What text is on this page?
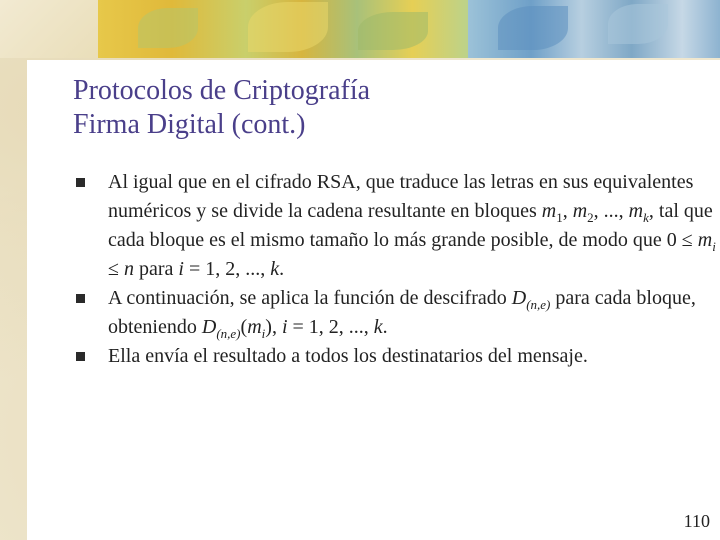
Protocolos de Criptografía
Firma Digital (cont.)
Al igual que en el cifrado RSA, que traduce las letras en sus equivalentes numéricos y se divide la cadena resultante en bloques $m_1$, $m_2$, ..., $m_k$, tal que cada bloque es el mismo tamaño lo más grande posible, de modo que $0 \le m_i \le n$ para i = 1, 2, ..., k.
A continuación, se aplica la función de descifrado $D_{(n,e)}$ para cada bloque, obteniendo $D_{(n,e)}(m_i)$, i = 1, 2, ..., k.
Ella envía el resultado a todos los destinatarios del mensaje.
110
